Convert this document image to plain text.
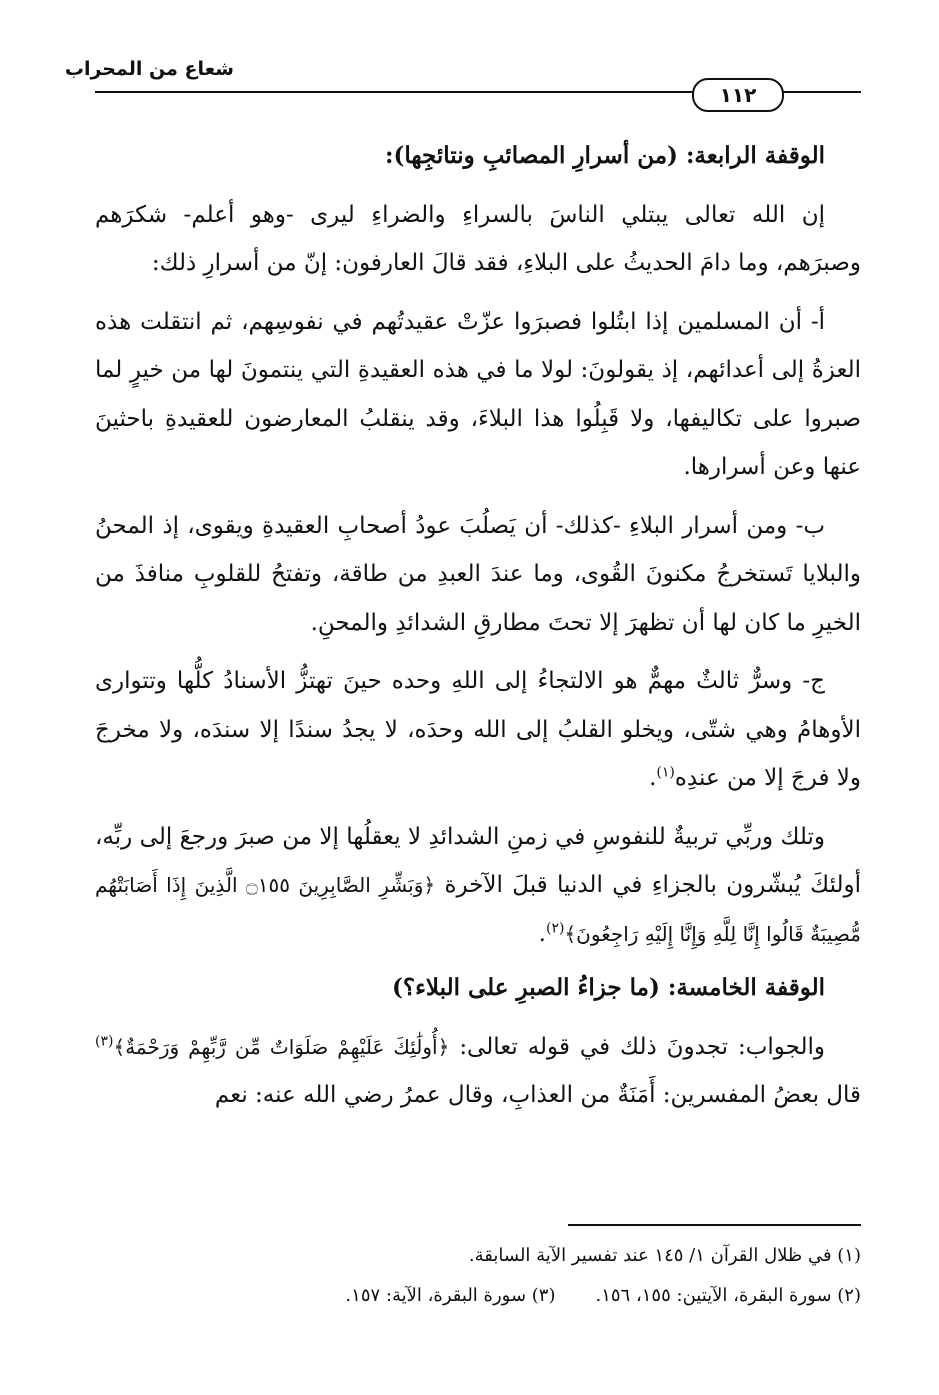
شعاع من المحراب
١١٢

الوقفة الرابعة: (من أسرارِ المصائبِ ونتائجِها):

إن الله تعالى يبتلي الناسَ بالسراءِ والضراءِ ليرى -وهو أعلم- شكرَهم وصبرَهم، وما دامَ الحديثُ على البلاءِ، فقد قالَ العارفون: إنّ من أسرارِ ذلك:

أ- أن المسلمين إذا ابتُلوا فصبرَوا عزّتْ عقيدتُهم في نفوسِهم، ثم انتقلت هذه العزةُ إلى أعدائهم، إذ يقولونَ: لولا ما في هذه العقيدةِ التي ينتمونَ لها من خيرٍ لما صبروا على تكاليفها، ولا قَبِلُوا هذا البلاءَ، وقد ينقلبُ المعارضون للعقيدةِ باحثينَ عنها وعن أسرارها.

ب- ومن أسرار البلاءِ -كذلك- أن يَصلُبَ عودُ أصحابِ العقيدةِ ويقوى، إذ المحنُ والبلايا تَستخرجُ مكنونَ القُوى، وما عندَ العبدِ من طاقة، وتفتحُ للقلوبِ منافذَ من الخيرِ ما كان لها أن تظهرَ إلا تحتَ مطارقِ الشدائدِ والمحنِ.

ج- وسرٌّ ثالثٌ مهمٌّ هو الالتجاءُ إلى اللهِ وحده حينَ تهتزُّ الأسنادُ كلُّها وتتوارى الأوهامُ وهي شتّى، ويخلو القلبُ إلى الله وحدَه، لا يجدُ سندًا إلا سندَه، ولا مخرجَ ولا فرجَ إلا من عندِه$^{(١)}$.

وتلك وربِّي تربيةٌ للنفوسِ في زمنِ الشدائدِ لا يعقلُها إلا من صبرَ ورجعَ إلى ربِّه، أولئكَ يُبشّرون بالجزاءِ في الدنيا قبلَ الآخرة ﴿وَبَشِّرِ الصَّابِرِينَ ۝١٥٥ الَّذِينَ إِذَا أَصَابَتْهُم مُّصِيبَةٌ قَالُوا إِنَّا لِلَّهِ وَإِنَّا إِلَيْهِ رَاجِعُونَ﴾$^{(٢)}$.

الوقفة الخامسة: (ما جزاءُ الصبرِ على البلاء؟)

والجواب: تجدونَ ذلك في قوله تعالى: ﴿أُولَٰئِكَ عَلَيْهِمْ صَلَوَاتٌ مِّن رَّبِّهِمْ وَرَحْمَةٌ﴾$^{(٣)}$ قال بعضُ المفسرين: أَمَنَةٌ من العذابِ، وقال عمرُ رضي الله عنه: نعم

(١) في ظلال القرآن ١/ ١٤٥ عند تفسير الآية السابقة.
(٢) سورة البقرة، الآيتين: ١٥٥، ١٥٦.(٣) سورة البقرة، الآية: ١٥٧.
